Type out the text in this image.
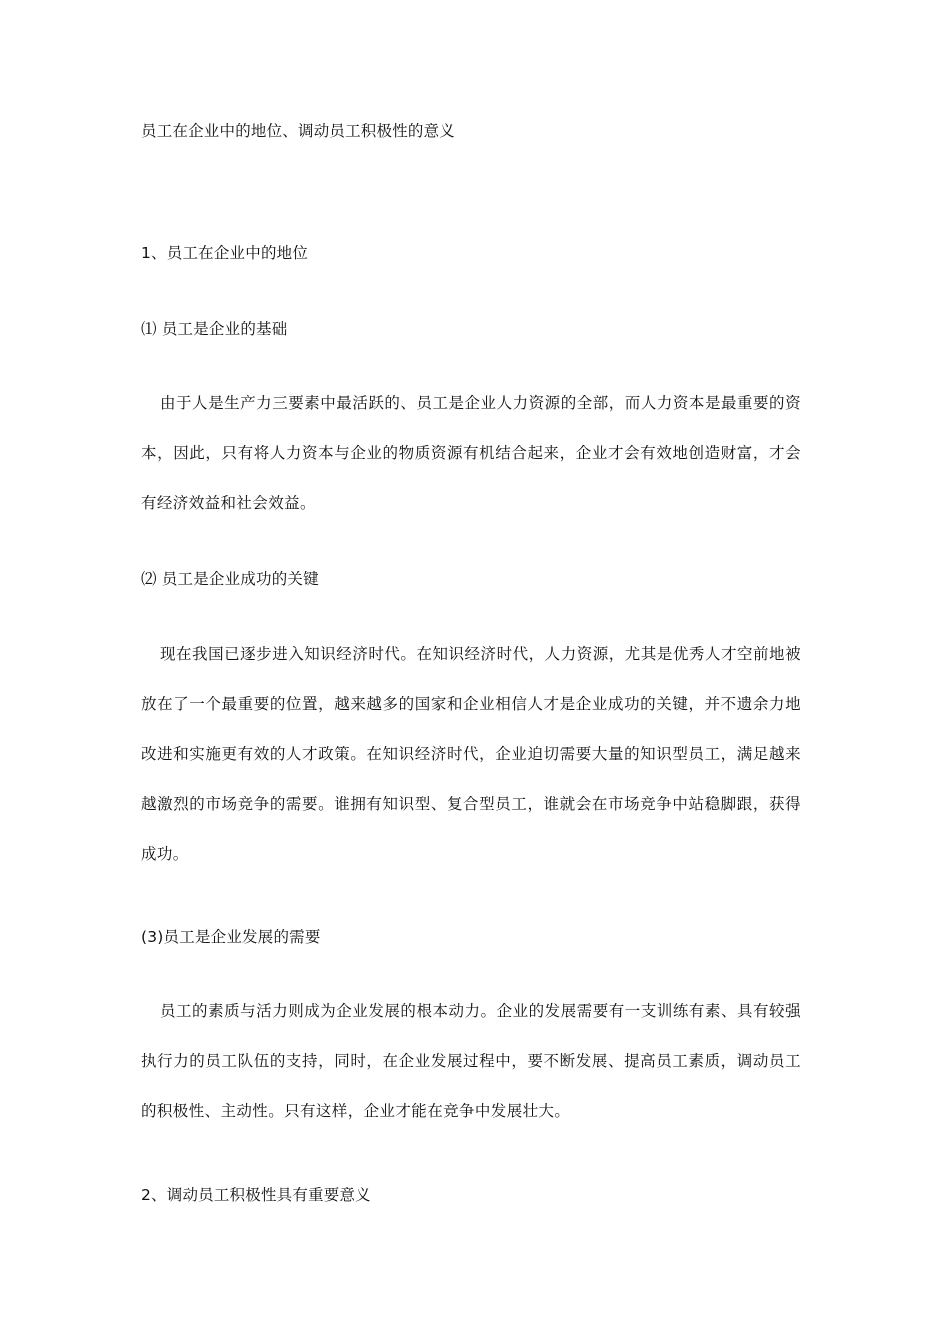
员工在企业中的地位、调动员工积极性的意义
1、员工在企业中的地位
⑴ 员工是企业的基础
由于人是生产力三要素中最活跃的、员工是企业人力资源的全部，而人力资本是最重要的资本，因此，只有将人力资本与企业的物质资源有机结合起来，企业才会有效地创造财富，才会有经济效益和社会效益。
⑵ 员工是企业成功的关键
现在我国已逐步进入知识经济时代。在知识经济时代，人力资源，尤其是优秀人才空前地被放在了一个最重要的位置，越来越多的国家和企业相信人才是企业成功的关键，并不遗余力地改进和实施更有效的人才政策。在知识经济时代，企业迫切需要大量的知识型员工，满足越来越激烈的市场竞争的需要。谁拥有知识型、复合型员工，谁就会在市场竞争中站稳脚跟，获得成功。
(3)员工是企业发展的需要
员工的素质与活力则成为企业发展的根本动力。企业的发展需要有一支训练有素、具有较强执行力的员工队伍的支持，同时，在企业发展过程中，要不断发展、提高员工素质，调动员工的积极性、主动性。只有这样，企业才能在竞争中发展壮大。
2、调动员工积极性具有重要意义
